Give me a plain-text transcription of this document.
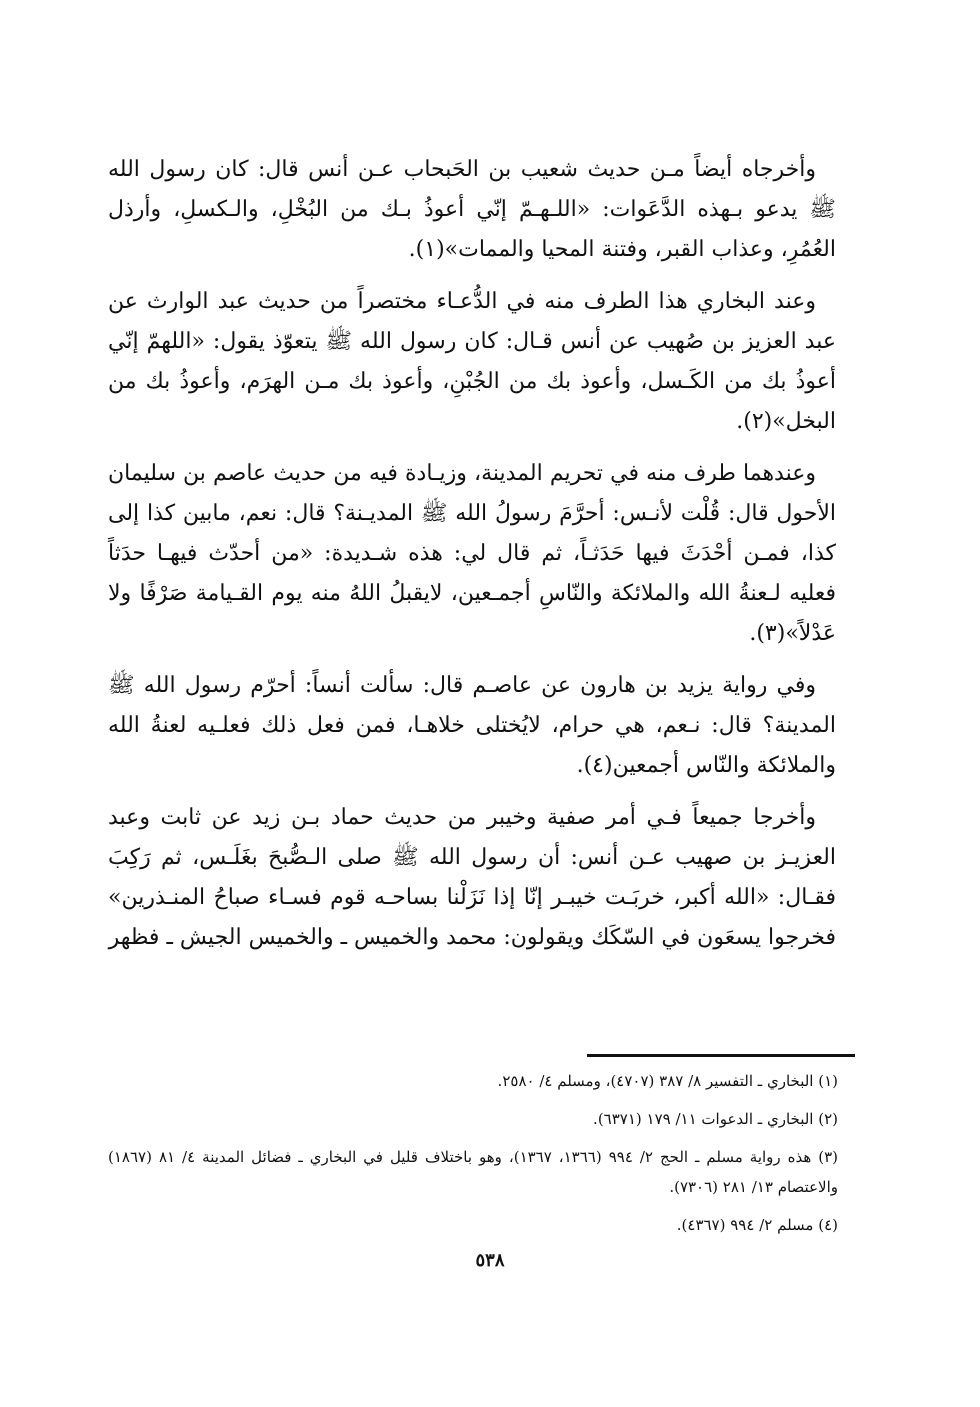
وأخرجاه أيضاً مـن حديث شعيب بن الحَبحاب عـن أنس قال: كان رسول الله ﷺ يدعو بـهذه الدَّعَوات: «اللـهـمّ إنّي أعوذُ بـك من البُخْلِ، والـكسلِ، وأرذل العُمُرِ، وعذاب القبر، وفتنة المحيا والممات»(١).

وعند البخاري هذا الطرف منه في الدُّعـاء مختصراً من حديث عبد الوارث عن عبد العزيز بن صُهيب عن أنس قـال: كان رسول الله ﷺ يتعوّذ يقول: «اللهمّ إنّي أعوذُ بك من الكَـسل، وأعوذ بك من الجُبْنِ، وأعوذ بك مـن الهرَم، وأعوذُ بك من البخل»(٢).

وعندهما طرف منه في تحريم المدينة، وزيـادة فيه من حديث عاصم بن سليمان الأحول قال: قُلْت لأنـس: أحرَّمَ رسولُ الله ﷺ المديـنة؟ قال: نعم، مابين كذا إلى كذا، فمـن أحْدَثَ فيها حَدَثـاً، ثم قال لي: هذه شـديدة: «من أحدّث فيهـا حدَثاً فعليه لـعنةُ الله والملائكة والنّاسِ أجمـعين، لايقبلُ اللهُ منه يوم القـيامة صَرْفًا ولا عَدْلاً»(٣).

وفي رواية يزيد بن هارون عن عاصـم قال: سألت أنساً: أحرّم رسول الله ﷺ المدينة؟ قال: نـعم، هي حرام، لايُختلى خلاهـا، فمن فعل ذلك فعلـيه لعنةُ الله والملائكة والنّاس أجمعين(٤).

وأخرجا جميعاً فـي أمر صفية وخيبر من حديث حماد بـن زيد عن ثابت وعبد العزيـز بن صهيب عـن أنس: أن رسول الله ﷺ صلى الـصُّبحَ بغَلَـس، ثم رَكِبَ فقـال: «الله أكبر، خربَـت خيبـر إنّا إذا نَزَلْنا بساحـه قوم فسـاء صباحُ المنـذرين» فخرجوا يسعَون في السّكَك ويقولون: محمد والخميس ـ والخميس الجيش ـ فظهر

(١) البخاري ـ التفسير ٨/ ٣٨٧ (٤٧٠٧)، ومسلم ٤/ ٢٥٨٠.

(٢) البخاري ـ الدعوات ١١/ ١٧٩ (٦٣٧١).

(٣) هذه رواية مسلم ـ الحج ٢/ ٩٩٤ (١٣٦٦، ١٣٦٧)، وهو باختلاف قليل في البخاري ـ فضائل المدينة ٤/ ٨١ (١٨٦٧) والاعتصام ١٣/ ٢٨١ (٧٣٠٦).

(٤) مسلم ٢/ ٩٩٤ (٤٣٦٧).

٥٣٨
